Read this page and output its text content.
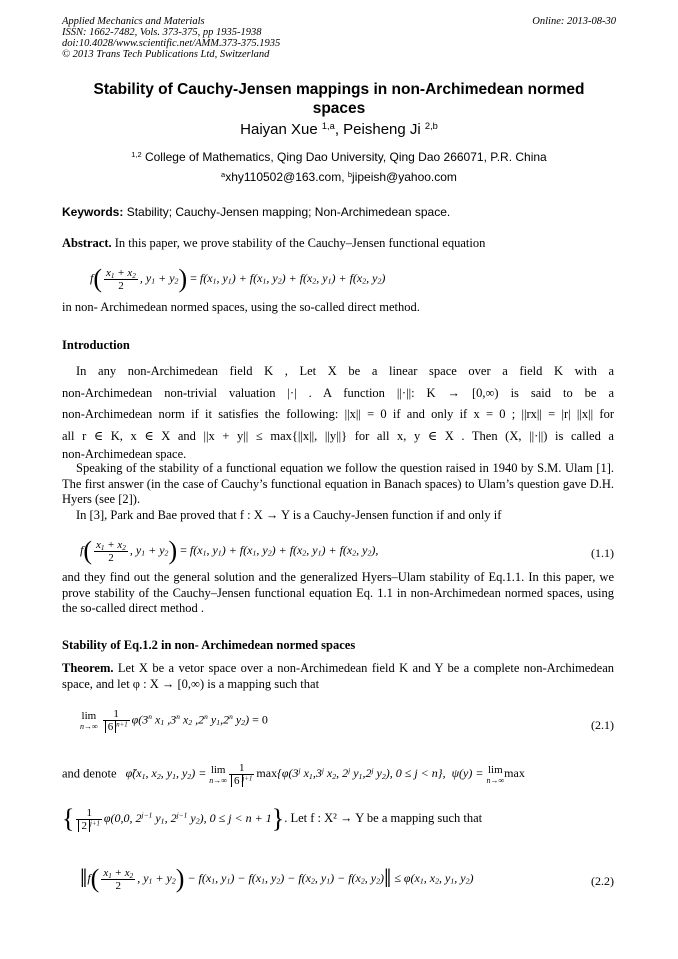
Applied Mechanics and Materials
ISSN: 1662-7482, Vols. 373-375, pp 1935-1938
doi:10.4028/www.scientific.net/AMM.373-375.1935
© 2013 Trans Tech Publications Ltd, Switzerland
Online: 2013-08-30
Stability of Cauchy-Jensen mappings in non-Archimedean normed
spaces
Haiyan Xue $^{1,a}$, Peisheng Ji $^{2,b}$
$^{1,2}$ College of Mathematics, Qing Dao University, Qing Dao 266071, P.R. China
$^a$xhy110502@163.com, $^b$jipeish@yahoo.com
Keywords: Stability; Cauchy-Jensen mapping; Non-Archimedean space.
Abstract. In this paper, we prove stability of the Cauchy–Jensen functional equation
$f( \frac{x_1 + x_2}{2}$ , $y_1 + y_2) = f(x_1$, $y_1) + f(x_1$, $y_2) + f(x_2$, $y_1) + f(x_2$, $y_2$)
in non- Archimedean normed spaces, using the so-called direct method.
Introduction
In any non-Archimedean field K , Let X be a linear space over a field K with a
non-Archimedean non-trivial valuation |·| . A function ||·||: K → [0,∞) is said to be a
non-Archimedean norm if it satisfies the following: ||x|| = 0 if and only if x = 0 ; ||rx|| = |r| ||x|| for
all r ∈ K, x ∈ X and ||x + y|| ≤ max{||x||, ||y||} for all x, y ∈ X . Then (X, ||·||) is called a
non-Archimedean space.
Speaking of the stability of a functional equation we follow the question raised in 1940 by S.M. Ulam [1]. The first answer (in the case of Cauchy’s functional equation in Banach spaces) to Ulam’s question gave D.H. Hyers (see [2]).
In [3], Park and Bae proved that f : X → Y is a Cauchy-Jensen function if and only if
$f( \frac{x_1 + x_2}{2}$ , $y_1 + y_2) = f(x_1$, $y_1) + f(x_1$, $y_2) + f(x_2$, $y_1) + f(x_2$, $y_2$),	(1.1)
and they find out the general solution and the generalized Hyers–Ulam stability of Eq.1.1. In this paper, we prove stability of the Cauchy–Jensen functional equation Eq. 1.1 in non-Archimedean normed spaces, using the so-called direct method .
Stability of Eq.1.2 in non- Archimedean normed spaces
Theorem. Let X be a vetor space over a non-Archimedean field K and Y be a complete non-Archimedean space, and let φ : X → [0,∞) is a mapping such that
lim
n→∞
$\frac{1}{6 ^{n+1}} \varphi(3^n$ $x_1$ ,3$^n$ $x_2$ ,2$^n$ $y_1,2^n$ $y_2) = 0$	(2.1)
and denote   $\varphĩ(x_1$, $x_2$, $y_1$, $y_2) = \lim$
$n\to\infty \frac{1}{6 ^{j+1}} \max\{\varphi(3^j$ $x_1,3^j$ $x_2$, 2$^j$ $y_1,2^j$ $y_2$), 0 ≤ j < n},  ψ(y) = lim
n→∞
max
{ $\frac{1}{2 ^{j+1}} \varphi(0,0$, $2^{j-1}$ $y_1$, $2^{j-1}$ $y_2$), 0 ≤ j < n + 1}. Let f : X² → Y be a mapping such that
‖f( $\frac{x_1 + x_2}{2}$ , $y_1 + y_2) - f(x_1$, $y_1) - f(x_1$, $y_2) - f(x_2$, $y_1) - f(x_2$, $y_2)‖ \le \varphi(x_1$, $x_2$, $y_1$, $y_2$)	(2.2)
